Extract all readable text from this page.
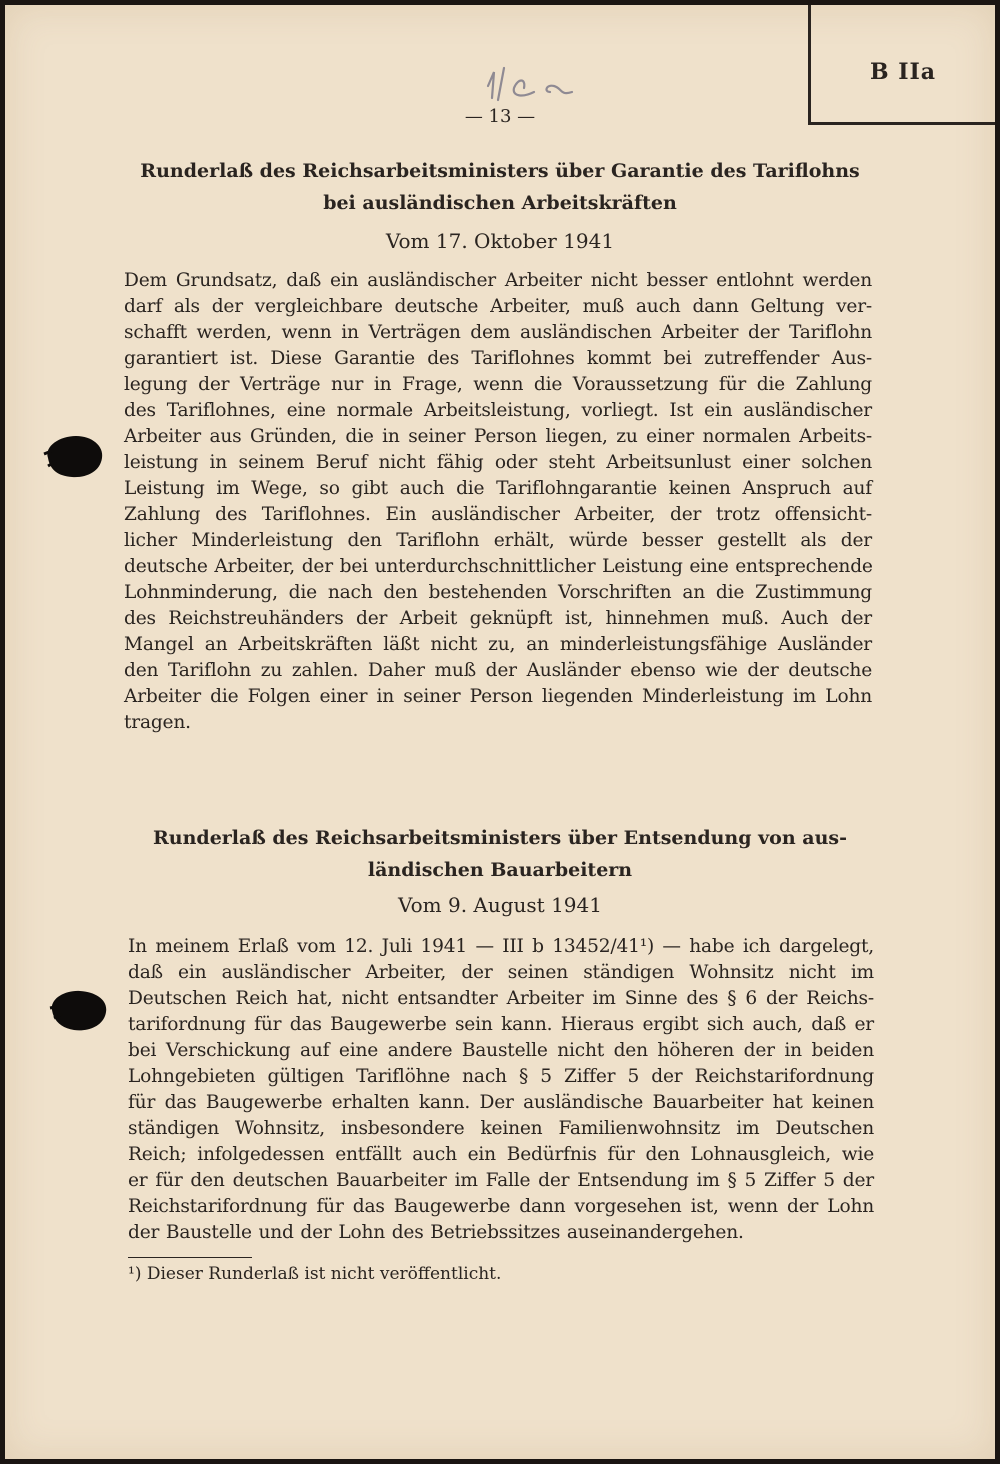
B IIa
— 13 —
Runderlaß des Reichsarbeitsministers über Garantie des Tariflohns
bei ausländischen Arbeitskräften
Vom 17. Oktober 1941
Dem Grundsatz, daß ein ausländischer Arbeiter nicht besser entlohnt werden
darf als der vergleichbare deutsche Arbeiter, muß auch dann Geltung ver-
schafft werden, wenn in Verträgen dem ausländischen Arbeiter der Tariflohn
garantiert ist. Diese Garantie des Tariflohnes kommt bei zutreffender Aus-
legung der Verträge nur in Frage, wenn die Voraussetzung für die Zahlung
des Tariflohnes, eine normale Arbeitsleistung, vorliegt. Ist ein ausländischer
Arbeiter aus Gründen, die in seiner Person liegen, zu einer normalen Arbeits-
leistung in seinem Beruf nicht fähig oder steht Arbeitsunlust einer solchen
Leistung im Wege, so gibt auch die Tariflohngarantie keinen Anspruch auf
Zahlung des Tariflohnes. Ein ausländischer Arbeiter, der trotz offensicht-
licher Minderleistung den Tariflohn erhält, würde besser gestellt als der
deutsche Arbeiter, der bei unterdurchschnittlicher Leistung eine entsprechende
Lohnminderung, die nach den bestehenden Vorschriften an die Zustimmung
des Reichstreuhänders der Arbeit geknüpft ist, hinnehmen muß. Auch der
Mangel an Arbeitskräften läßt nicht zu, an minderleistungsfähige Ausländer
den Tariflohn zu zahlen. Daher muß der Ausländer ebenso wie der deutsche
Arbeiter die Folgen einer in seiner Person liegenden Minderleistung im Lohn
tragen.
Runderlaß des Reichsarbeitsministers über Entsendung von aus-
ländischen Bauarbeitern
Vom 9. August 1941
In meinem Erlaß vom 12. Juli 1941 — III b 13452/41¹) — habe ich dargelegt,
daß ein ausländischer Arbeiter, der seinen ständigen Wohnsitz nicht im
Deutschen Reich hat, nicht entsandter Arbeiter im Sinne des § 6 der Reichs-
tarifordnung für das Baugewerbe sein kann. Hieraus ergibt sich auch, daß er
bei Verschickung auf eine andere Baustelle nicht den höheren der in beiden
Lohngebieten gültigen Tariflöhne nach § 5 Ziffer 5 der Reichstarifordnung
für das Baugewerbe erhalten kann. Der ausländische Bauarbeiter hat keinen
ständigen Wohnsitz, insbesondere keinen Familienwohnsitz im Deutschen
Reich; infolgedessen entfällt auch ein Bedürfnis für den Lohnausgleich, wie
er für den deutschen Bauarbeiter im Falle der Entsendung im § 5 Ziffer 5 der
Reichstarifordnung für das Baugewerbe dann vorgesehen ist, wenn der Lohn
der Baustelle und der Lohn des Betriebssitzes auseinandergehen.
¹) Dieser Runderlaß ist nicht veröffentlicht.
